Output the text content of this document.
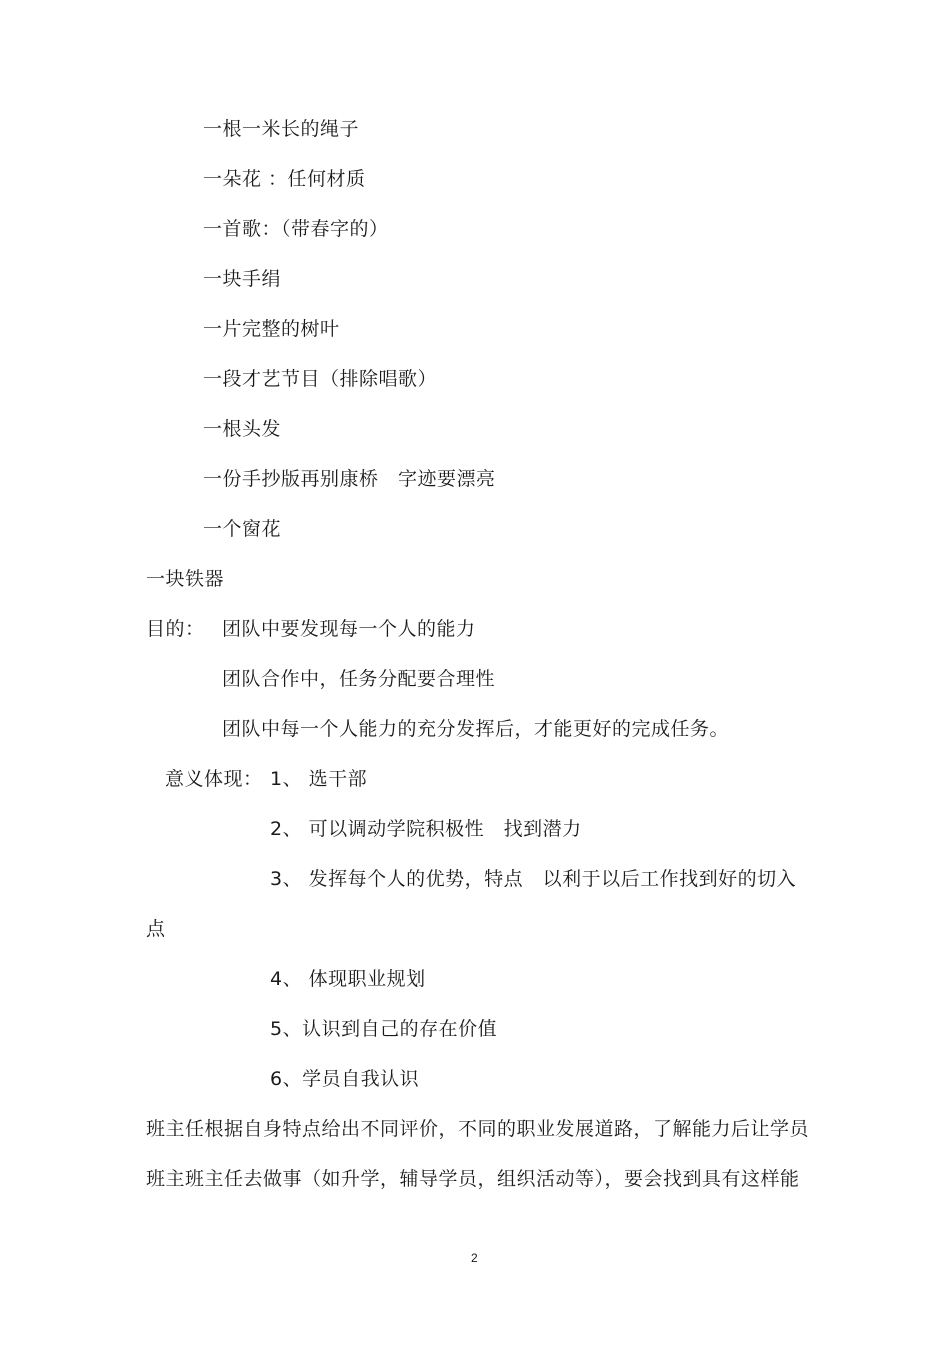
一根一米长的绳子
一朵花 ：任何材质
一首歌：（带春字的）
一块手绢
一片完整的树叶
一段才艺节目（排除唱歌）
一根头发
一份手抄版再别康桥　字迹要漂亮
一个窗花
一块铁器
目的： 团队中要发现每一个人的能力
团队合作中，任务分配要合理性
团队中每一个人能力的充分发挥后，才能更好的完成任务。
意义体现： 1、 选干部
2、 可以调动学院积极性　找到潜力
3、 发挥每个人的优势，特点　以利于以后工作找到好的切入
点
4、 体现职业规划
5、认识到自己的存在价值
6、学员自我认识
班主任根据自身特点给出不同评价，不同的职业发展道路，了解能力后让学员
班主班主任去做事（如升学，辅导学员，组织活动等），要会找到具有这样能
2
